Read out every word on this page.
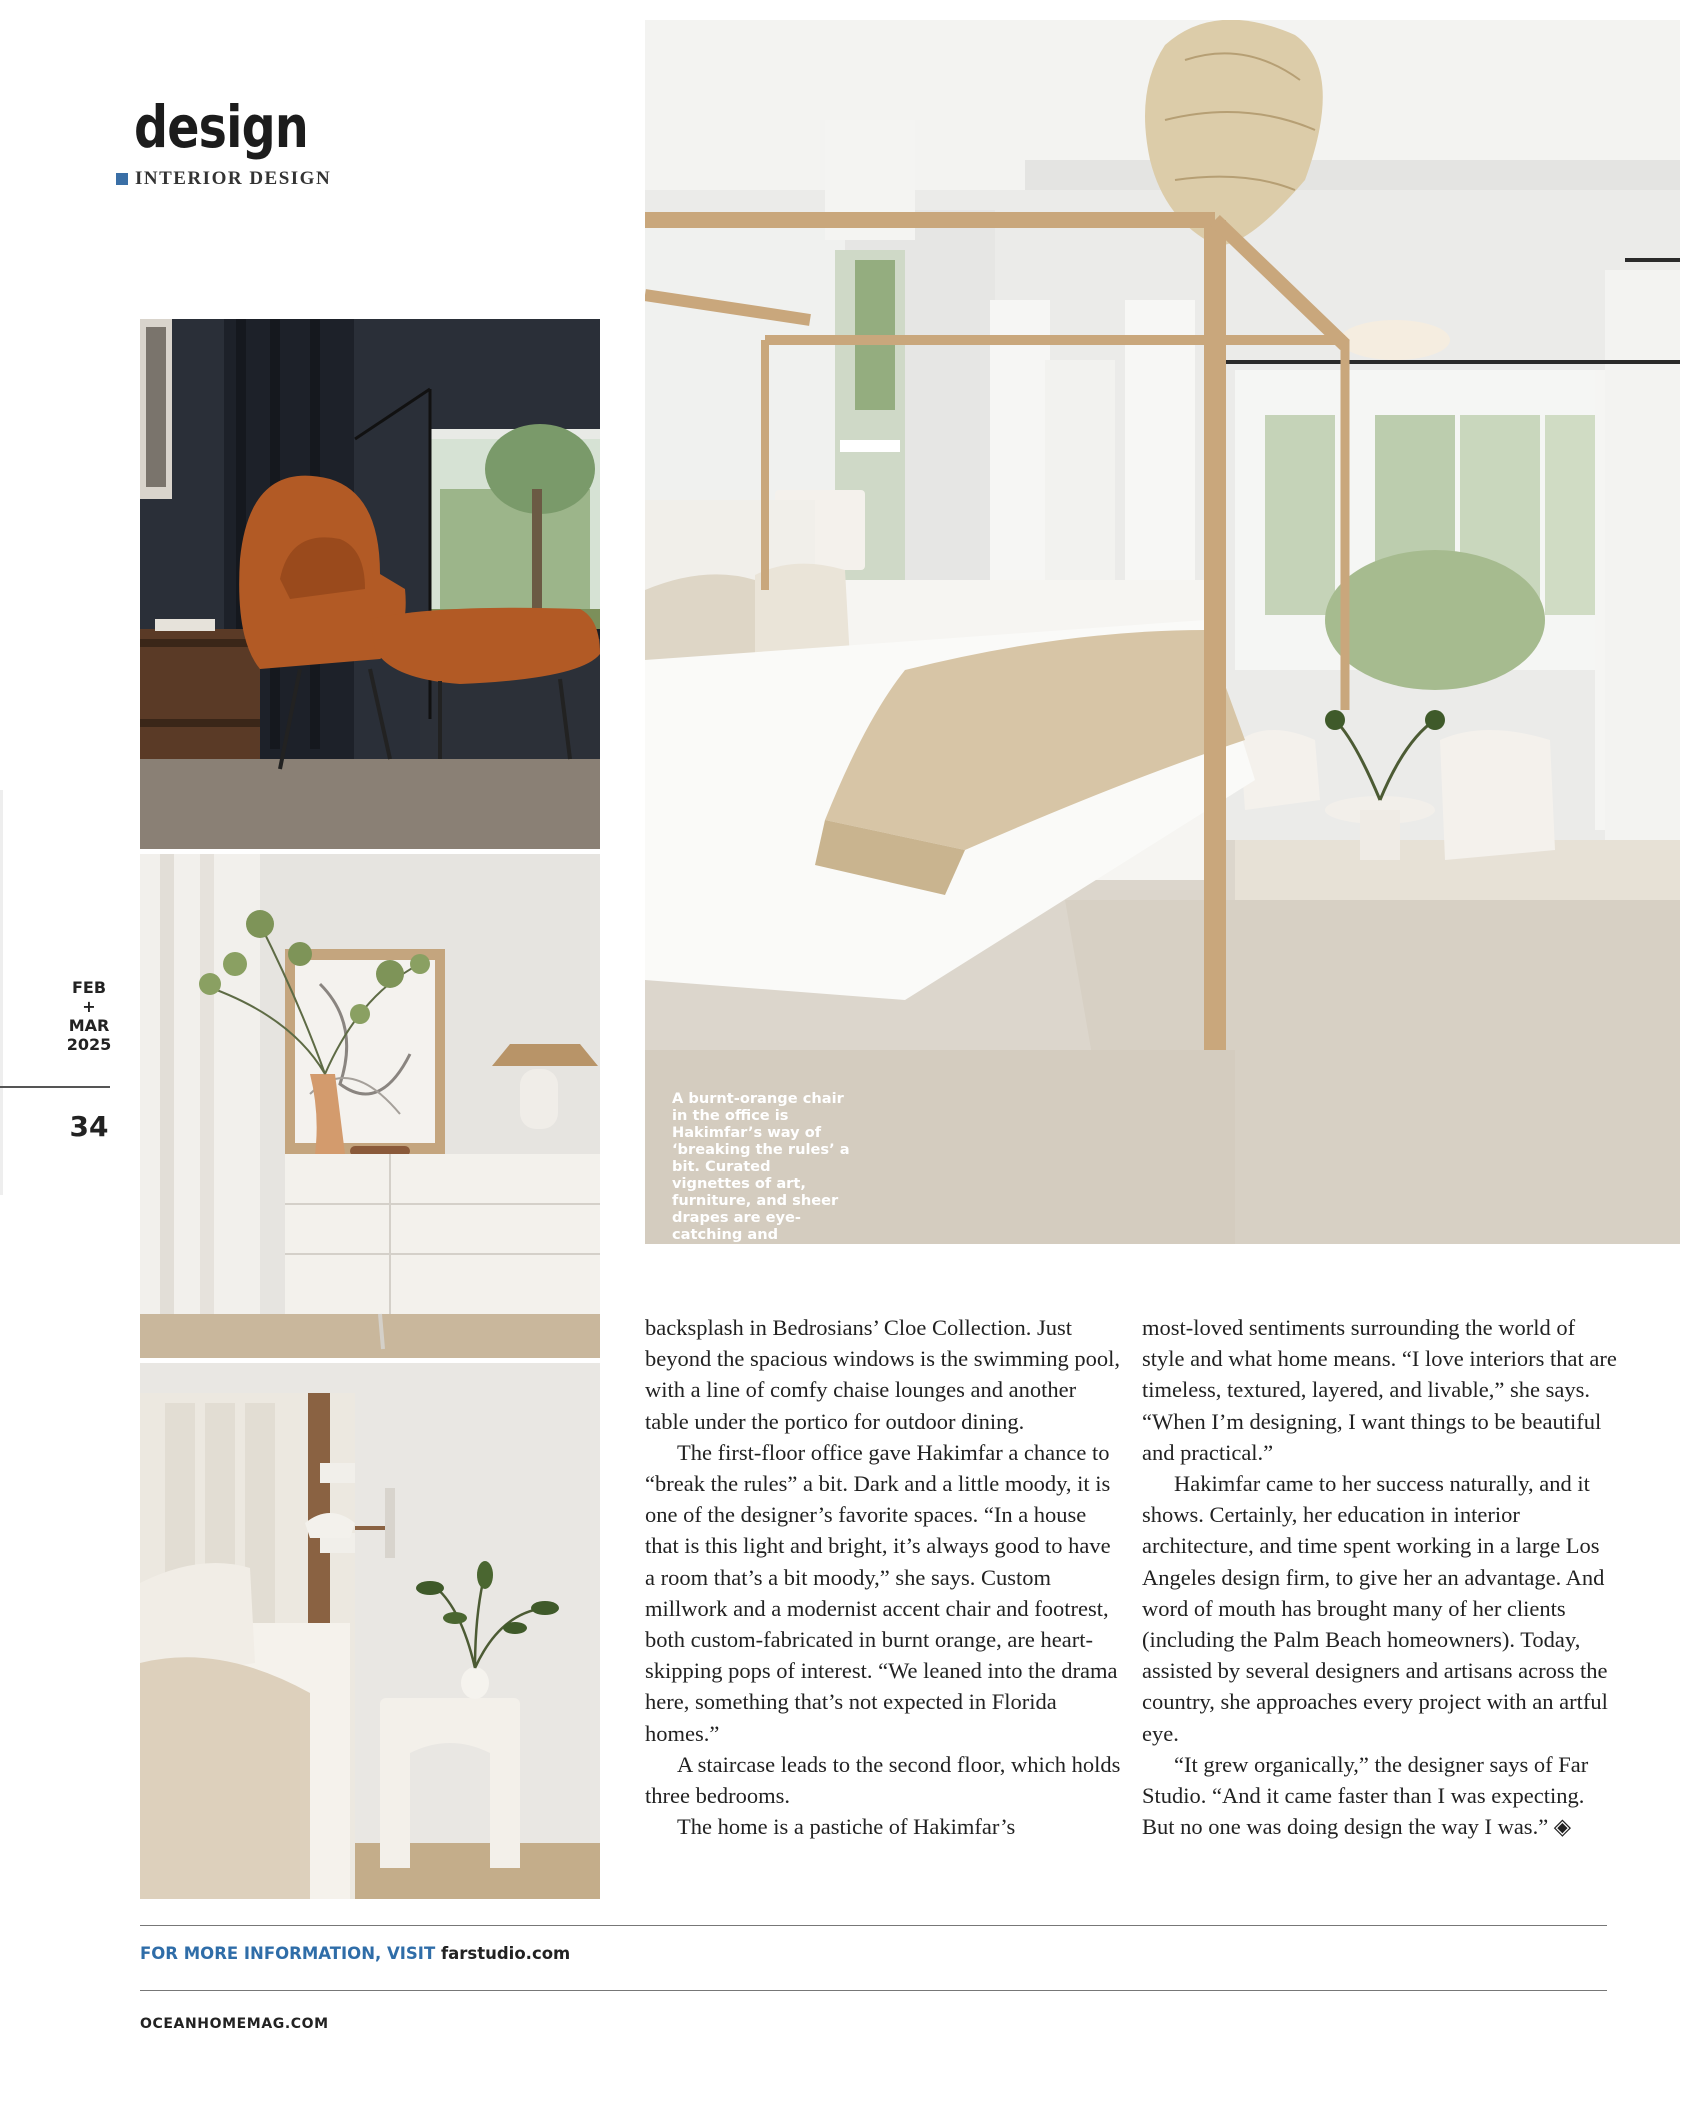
design
INTERIOR DESIGN
FEB
+
MAR
2025
34
A burnt-orange chair in the office is Hakimfar’s way of ‘breaking the rules’ a bit. Curated vignettes of art, furniture, and sheer drapes are eye-catching and calming.

backsplash in Bedrosians’ Cloe Collection. Just beyond the spacious windows is the swimming pool, with a line of comfy chaise lounges and another table under the portico for outdoor dining.

The first-floor office gave Hakimfar a chance to “break the rules” a bit. Dark and a little moody, it is one of the designer’s favorite spaces. “In a house that is this light and bright, it’s always good to have a room that’s a bit moody,” she says. Custom millwork and a modernist accent chair and footrest, both custom-fabricated in burnt orange, are heart-skipping pops of interest. “We leaned into the drama here, something that’s not expected in Florida homes.”

A staircase leads to the second floor, which holds three bedrooms.

The home is a pastiche of Hakimfar’s

most-loved sentiments surrounding the world of style and what home means. “I love interiors that are timeless, textured, layered, and livable,” she says. “When I’m designing, I want things to be beautiful and practical.”

Hakimfar came to her success naturally, and it shows. Certainly, her education in interior architecture, and time spent working in a large Los Angeles design firm, to give her an advantage. And word of mouth has brought many of her clients (including the Palm Beach homeowners). Today, assisted by several designers and artisans across the country, she approaches every project with an artful eye.

“It grew organically,” the designer says of Far Studio. “And it came faster than I was expecting. But no one was doing design the way I was.” ◈

FOR MORE INFORMATION, VISIT farstudio.com
OCEANHOMEMAG.COM
